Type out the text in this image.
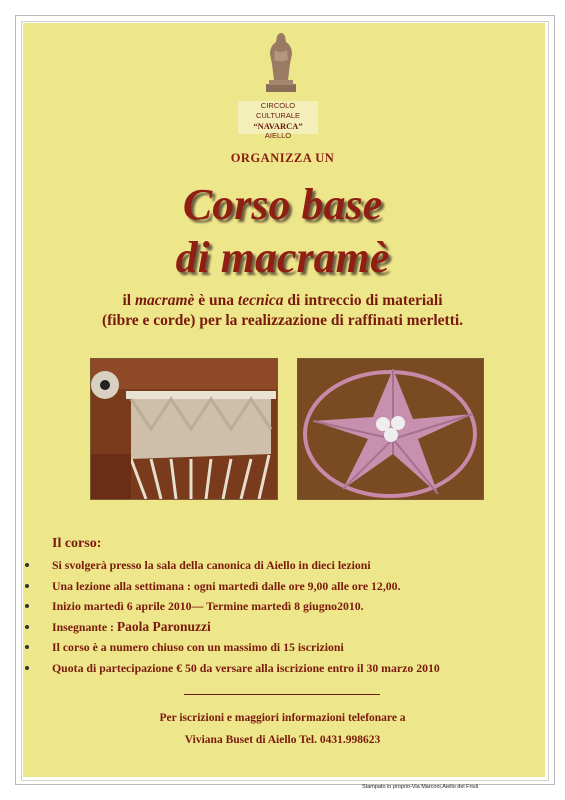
CIRCOLO CULTURALE
“NAVARCA”
AIELLO
ORGANIZZA UN
Corso base
di macramè
il macramè è una tecnica di intreccio di materiali
(fibre e corde) per la realizzazione di raffinati merletti.
Il corso:
Si svolgerà presso la sala della canonica di Aiello in dieci lezioni
Una lezione alla settimana : ogni martedì dalle ore 9,00 alle ore 12,00.
Inizio martedì 6 aprile 2010— Termine martedì 8 giugno2010.
Insegnante : Paola Paronuzzi
Il corso è a numero chiuso con un massimo di 15 iscrizioni
Quota di partecipazione € 50 da versare alla iscrizione entro il 30 marzo 2010
Per iscrizioni e maggiori informazioni telefonare a
Viviana Buset di Aiello Tel. 0431.998623
Stampato in proprio-Via Marconi,Aiello del Friuli
